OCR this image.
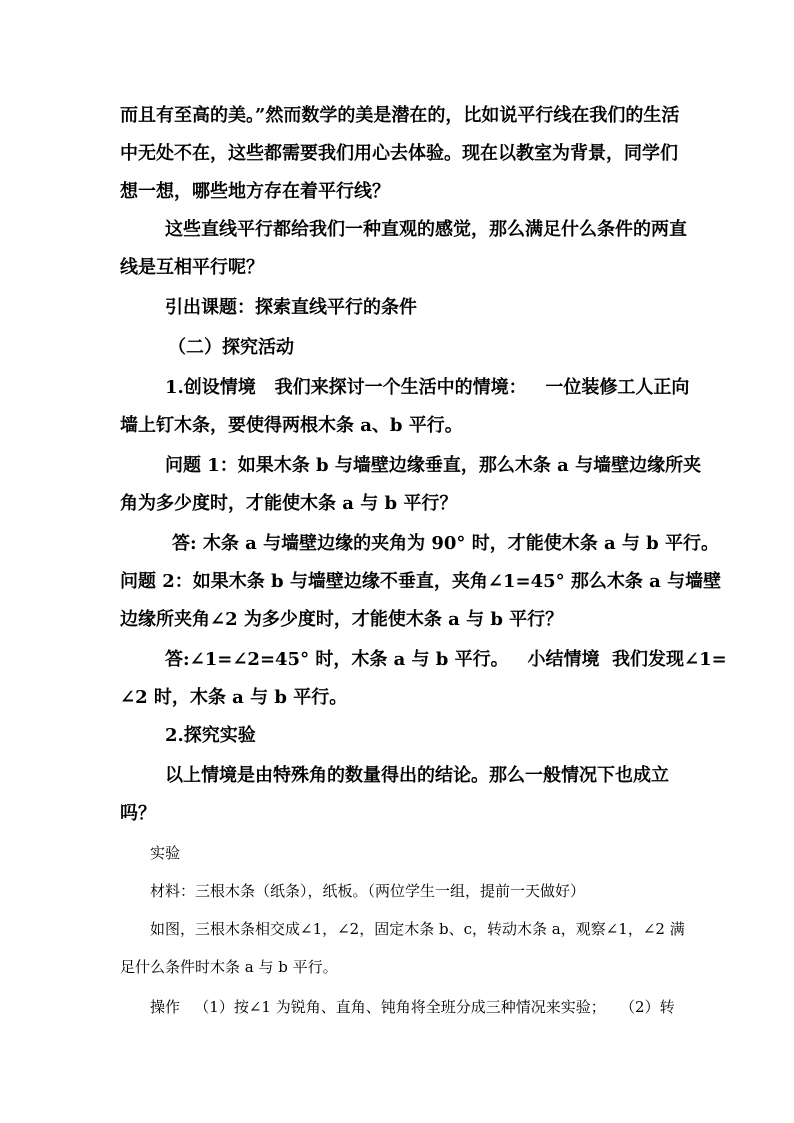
而且有至高的美。”然而数学的美是潜在的，比如说平行线在我们的生活
中无处不在，这些都需要我们用心去体验。现在以教室为背景，同学们
想一想，哪些地方存在着平行线？
这些直线平行都给我们一种直观的感觉，那么满足什么条件的两直
线是互相平行呢？
引出课题：探索直线平行的条件
（二）探究活动
1.创设情境   我们来探讨一个生活中的情境：   一位装修工人正向
墙上钉木条，要使得两根木条 a、b 平行。
问题 1：如果木条 b 与墙壁边缘垂直，那么木条 a 与墙壁边缘所夹
角为多少度时，才能使木条 a 与 b 平行？
答: 木条 a 与墙壁边缘的夹角为 90° 时，才能使木条 a 与 b 平行。
问题 2：如果木条 b 与墙壁边缘不垂直，夹角∠1=45° 那么木条 a 与墙壁
边缘所夹角∠2 为多少度时，才能使木条 a 与 b 平行？
答:∠1=∠2=45° 时，木条 a 与 b 平行。   小结情境  我们发现∠1=
∠2 时，木条 a 与 b 平行。
2.探究实验
以上情境是由特殊角的数量得出的结论。那么一般情况下也成立
吗？
实验
材料：三根木条（纸条），纸板。（两位学生一组，提前一天做好）
如图，三根木条相交成∠1，∠2，固定木条 b、c，转动木条 a，观察∠1，∠2 满
足什么条件时木条 a 与 b 平行。
操作   （1）按∠1 为锐角、直角、钝角将全班分成三种情况来实验；   （2）转
